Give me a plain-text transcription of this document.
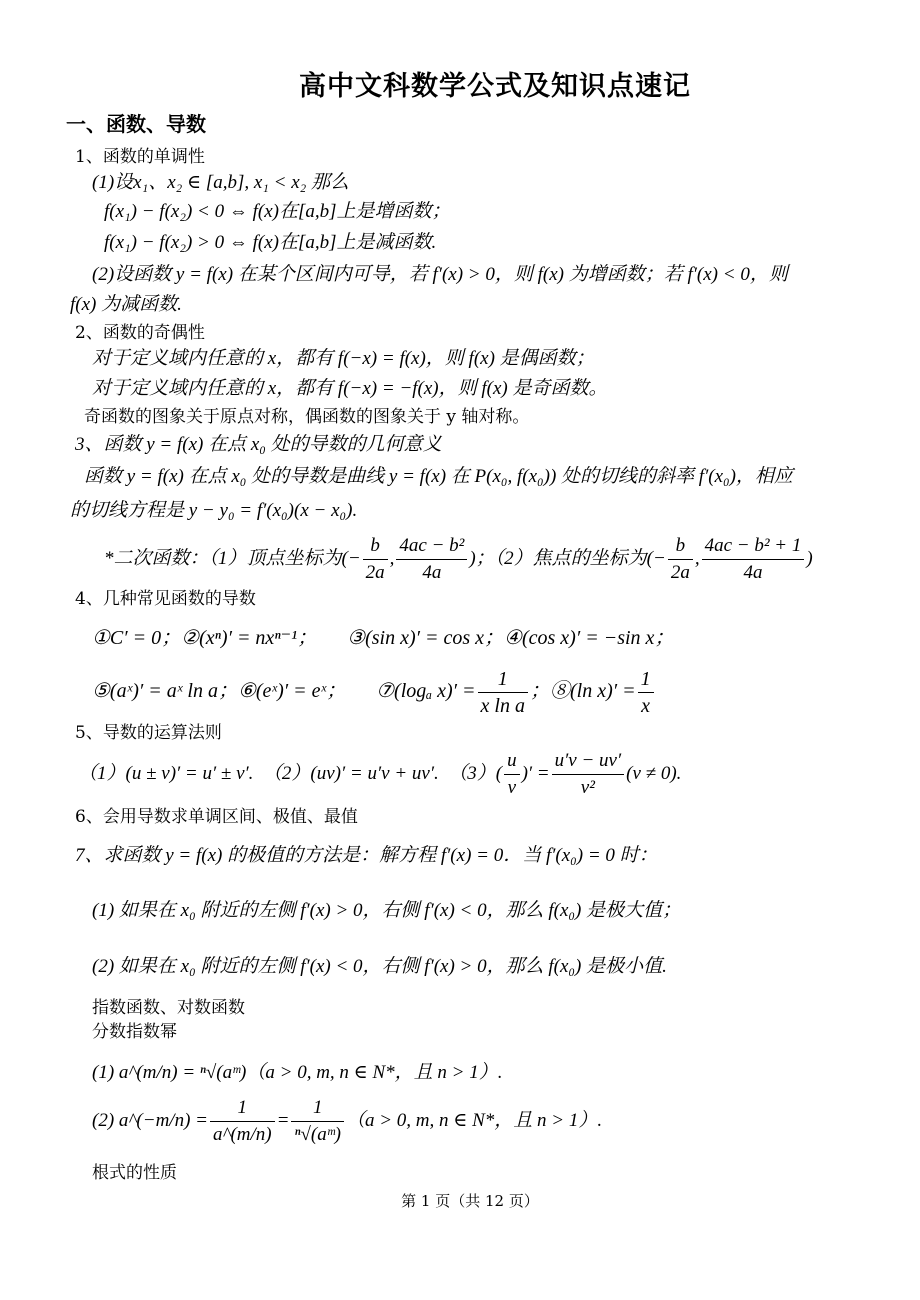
高中文科数学公式及知识点速记
一、函数、导数
1、函数的单调性
(1)设x₁、x₂ ∈ [a,b], x₁ < x₂ 那么
f(x₁) − f(x₂) < 0 ⇔ f(x)在[a,b]上是增函数；
f(x₁) − f(x₂) > 0 ⇔ f(x)在[a,b]上是减函数.
(2)设函数 y = f(x) 在某个区间内可导，若 f′(x) > 0，则 f(x) 为增函数；若 f′(x) < 0，则
f(x) 为减函数.
2、函数的奇偶性
对于定义域内任意的 x，都有 f(−x) = f(x)，则 f(x) 是偶函数；
对于定义域内任意的 x，都有 f(−x) = −f(x)，则 f(x) 是奇函数。
奇函数的图象关于原点对称，偶函数的图象关于 y 轴对称。
3、函数 y = f(x) 在点 x₀ 处的导数的几何意义
函数 y = f(x) 在点 x₀ 处的导数是曲线 y = f(x) 在 P(x₀, f(x₀)) 处的切线的斜率 f′(x₀)，相应
的切线方程是 y − y₀ = f′(x₀)(x − x₀).
*二次函数：（1）顶点坐标为(− $\frac{b}{2a}$ , $\frac{\text{4ac − b²}}{4a}$ )；（2）焦点的坐标为(− $\frac{b}{2a}$ , $\frac{\text{4ac − b² + 1}}{4a}$ )
4、几种常见函数的导数
①C′ = 0；②(xⁿ)′ = nxⁿ⁻¹；　　③(sin x)′ = cos x；④(cos x)′ = −sin x；
⑤(aˣ)′ = aˣ ln a；⑥(eˣ)′ = eˣ；　　⑦(logₐ $x)' = \frac{1}{\text{x ln a}}$ ；⑧(ln $x)' = \frac{1}{x}$
5、导数的运算法则
（1）(u ± v)′ = u′ ± v′.　（2）(uv)′ = u′v + uv′.　$(3)( \frac{u}{v}$ )′ = $\frac{u'v - uv'}{\text{v²}} (v \ne 0)$.
6、会用导数求单调区间、极值、最值
7、求函数 y = f(x) 的极值的方法是：解方程 f′(x) = 0．当 f′(x₀) = 0 时：
(1) 如果在 x₀ 附近的左侧 f′(x) > 0，右侧 f′(x) < 0，那么 f(x₀) 是极大值；
(2) 如果在 x₀ 附近的左侧 f′(x) < 0，右侧 f′(x) > 0，那么 f(x₀) 是极小值.
指数函数、对数函数
分数指数幂
(1) a^(m/n) = ⁿ√(aᵐ)（a > 0, m, n ∈ N*，且 n > 1）.
(2) a^(−m/n) = $\frac{1}{a\^{}(m/n)} = \frac{1}{\text{ⁿ√(aᵐ)}} (a > 0$, m, n ∈ N*，且 n > 1）.
根式的性质
第 1 页（共 12 页）
